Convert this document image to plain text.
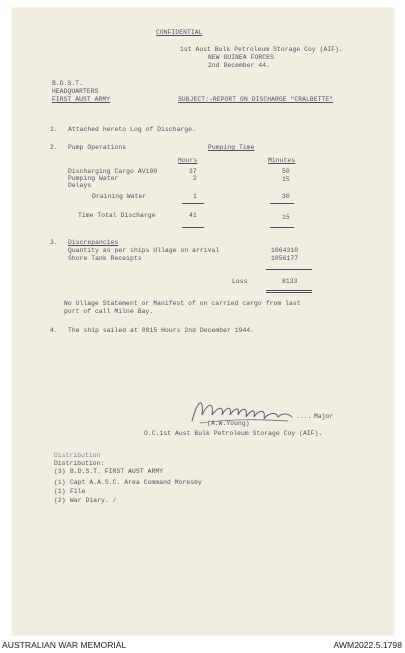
CONFIDENTIAL
1st Aust Bulk Petroleum Storage Coy (AIF).
NEW GUINEA FORCES
2nd December 44.
B.D.S.T.
HEADQUARTERS
FIRST AUST ARMY	SUBJECT:-REPORT ON DISCHARGE "CRALBETTE"
1. Attached hereto Log of Discharge.
2. Pump Operations	Pumping Time
Hours	Minutes
Discharging Cargo AV100	37	50
Pumping Water	2	15
Delays
Draining Water	1	30
Time Total Discharge	41	15
3. Discrepancies
Quantity as per ships Ullage on arrival	1064310
Shore Tank Receipts	1056177
Loss	8133
No Ullage Statement or Manifest of on carried cargo from last
port of call Milne Bay.
4. The ship sailed at 0815 Hours 2nd December 1944.
.... Major
(A.W.Young)
O.C.1st Aust Bulk Petroleum Storage Coy (AIF).
Distribution
Distribution:
(3) B.D.S.T. FIRST AUST ARMY
(1) Capt A.A.S.C. Area Command Moresby
(1) File
(2) War Diary. /
AUSTRALIAN WAR MEMORIAL	AWM2022.5.1798
